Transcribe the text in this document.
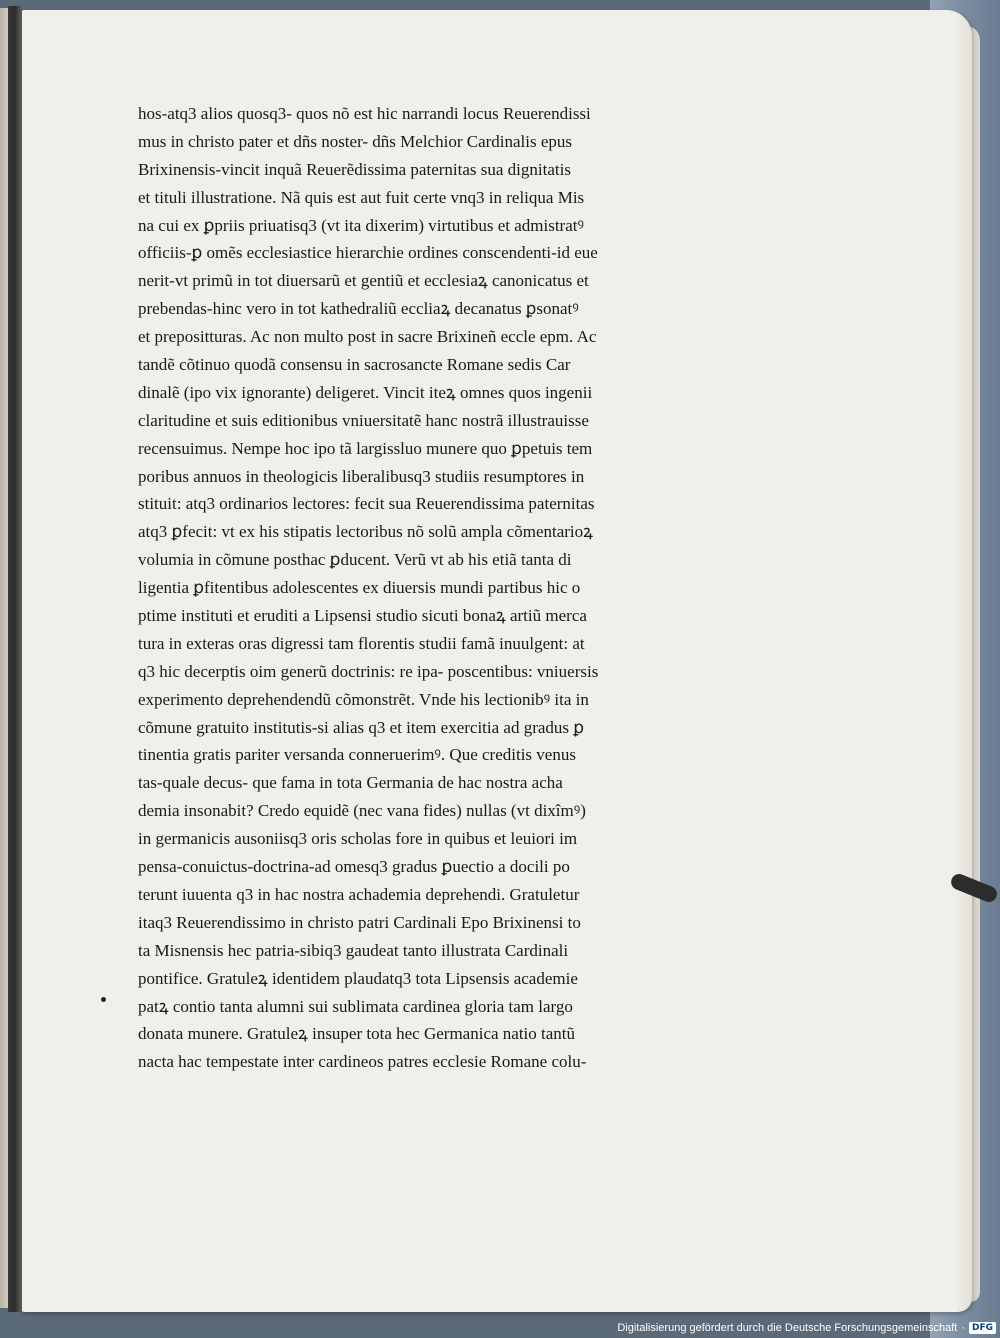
hos-atq3 alios quosq3- quos nõ est hic narrandi locus Reuerendissi
mus in christo pater et dñs noster- dñs Melchior Cardinalis epus
Brixinensis-vincit inquã Reuerẽdissima paternitas sua dignitatis
et tituli illustratione. Nã quis est aut fuit certe vnq3 in reliqua Mis
na cui ex ꝑpriis priuatisq3 (vt ita dixerim) virtutibus et admistratꝰ
officiis-ꝑ omẽs ecclesiastice hierarchie ordines conscendenti-id eue
nerit-vt primũ in tot diuersarũ et gentiũ et ecclesiaꝝ canonicatus et
prebendas-hinc vero in tot kathedraliũ eccliaꝝ decanatus ꝑsonatꝰ
et prepositturas. Ac non multo post in sacre Brixineñ eccle epm. Ac
tandẽ cõtinuo quodã consensu in sacrosancte Romane sedis Car
dinalẽ (ipo vix ignorante) deligeret. Vincit iteꝝ omnes quos ingenii
claritudine et suis editionibus vniuersitatẽ hanc nostrã illustrauisse
recensuimus. Nempe hoc ipo tã largissluo munere quo ꝑpetuis tem
poribus annuos in theologicis liberalibusq3 studiis resumptores in
stituit: atq3 ordinarios lectores: fecit sua Reuerendissima paternitas
atq3 ꝑfecit: vt ex his stipatis lectoribus nõ solũ ampla cõmentarioꝝ
volumia in cõmune posthac ꝑducent. Verũ vt ab his etiã tanta di
ligentia ꝑfitentibus adolescentes ex diuersis mundi partibus hic o
ptime instituti et eruditi a Lipsensi studio sicuti bonaꝝ artiũ merca
tura in exteras oras digressi tam florentis studii famã inuulgent: at
q3 hic decerptis oim generũ doctrinis: re ipa- poscentibus: vniuersis
experimento deprehendendũ cõmonstrẽt. Vnde his lectionibꝰ ita in
cõmune gratuito institutis-si alias q3 et item exercitia ad gradus ꝑ
tinentia gratis pariter versanda conneruerimꝰ. Que creditis venus
tas-quale decus- que fama in tota Germania de hac nostra acha
demia insonabit? Credo equidẽ (nec vana fides) nullas (vt dixîmꝰ)
in germanicis ausoniisq3 oris scholas fore in quibus et leuiori im
pensa-conuictus-doctrina-ad omesq3 gradus ꝑuectio a docili po
terunt iuuenta q3 in hac nostra achademia deprehendi. Gratuletur
itaq3 Reuerendissimo in christo patri Cardinali Epo Brixinensi to
ta Misnensis hec patria-sibiq3 gaudeat tanto illustrata Cardinali
pontifice. Gratuleꝝ identidem plaudatq3 tota Lipsensis academie
patꝝ contio tanta alumni sui sublimata cardinea gloria tam largo
donata munere. Gratuleꝝ insuper tota hec Germanica natio tantũ
nacta hac tempestate inter cardineos patres ecclesie Romane colu-
Digitalisierung gefördert durch die Deutsche Forschungsgemeinschaft · DFG
